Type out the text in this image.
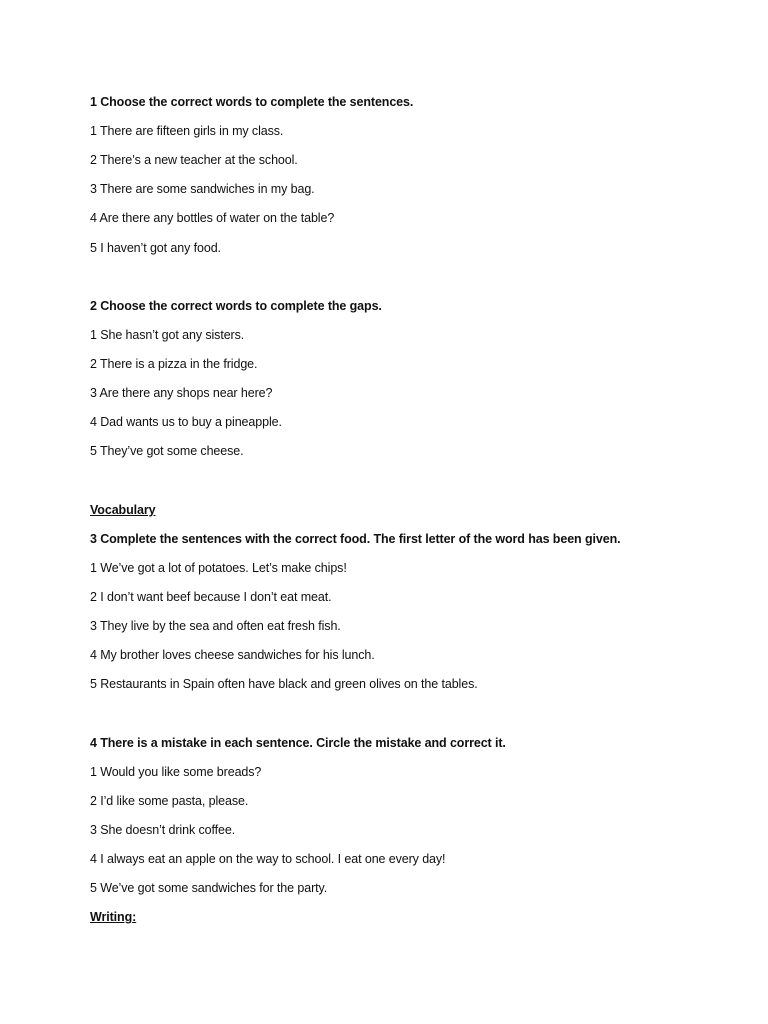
1 Choose the correct words to complete the sentences.
1 There are fifteen girls in my class.
2 There’s a new teacher at the school.
3 There are some sandwiches in my bag.
4 Are there any bottles of water on the table?
5 I haven’t got any food.
2 Choose the correct words to complete the gaps.
1 She hasn’t got any sisters.
2 There is a pizza in the fridge.
3 Are there any shops near here?
4 Dad wants us to buy a pineapple.
5 They’ve got some cheese.
Vocabulary
3 Complete the sentences with the correct food. The first letter of the word has been given.
1 We’ve got a lot of potatoes. Let’s make chips!
2 I don’t want beef because I don’t eat meat.
3 They live by the sea and often eat fresh fish.
4 My brother loves cheese sandwiches for his lunch.
5 Restaurants in Spain often have black and green olives on the tables.
4 There is a mistake in each sentence. Circle the mistake and correct it.
1 Would you like some breads?
2 I’d like some pasta, please.
3 She doesn’t drink coffee.
4 I always eat an apple on the way to school. I eat one every day!
5 We’ve got some sandwiches for the party.
Writing:
